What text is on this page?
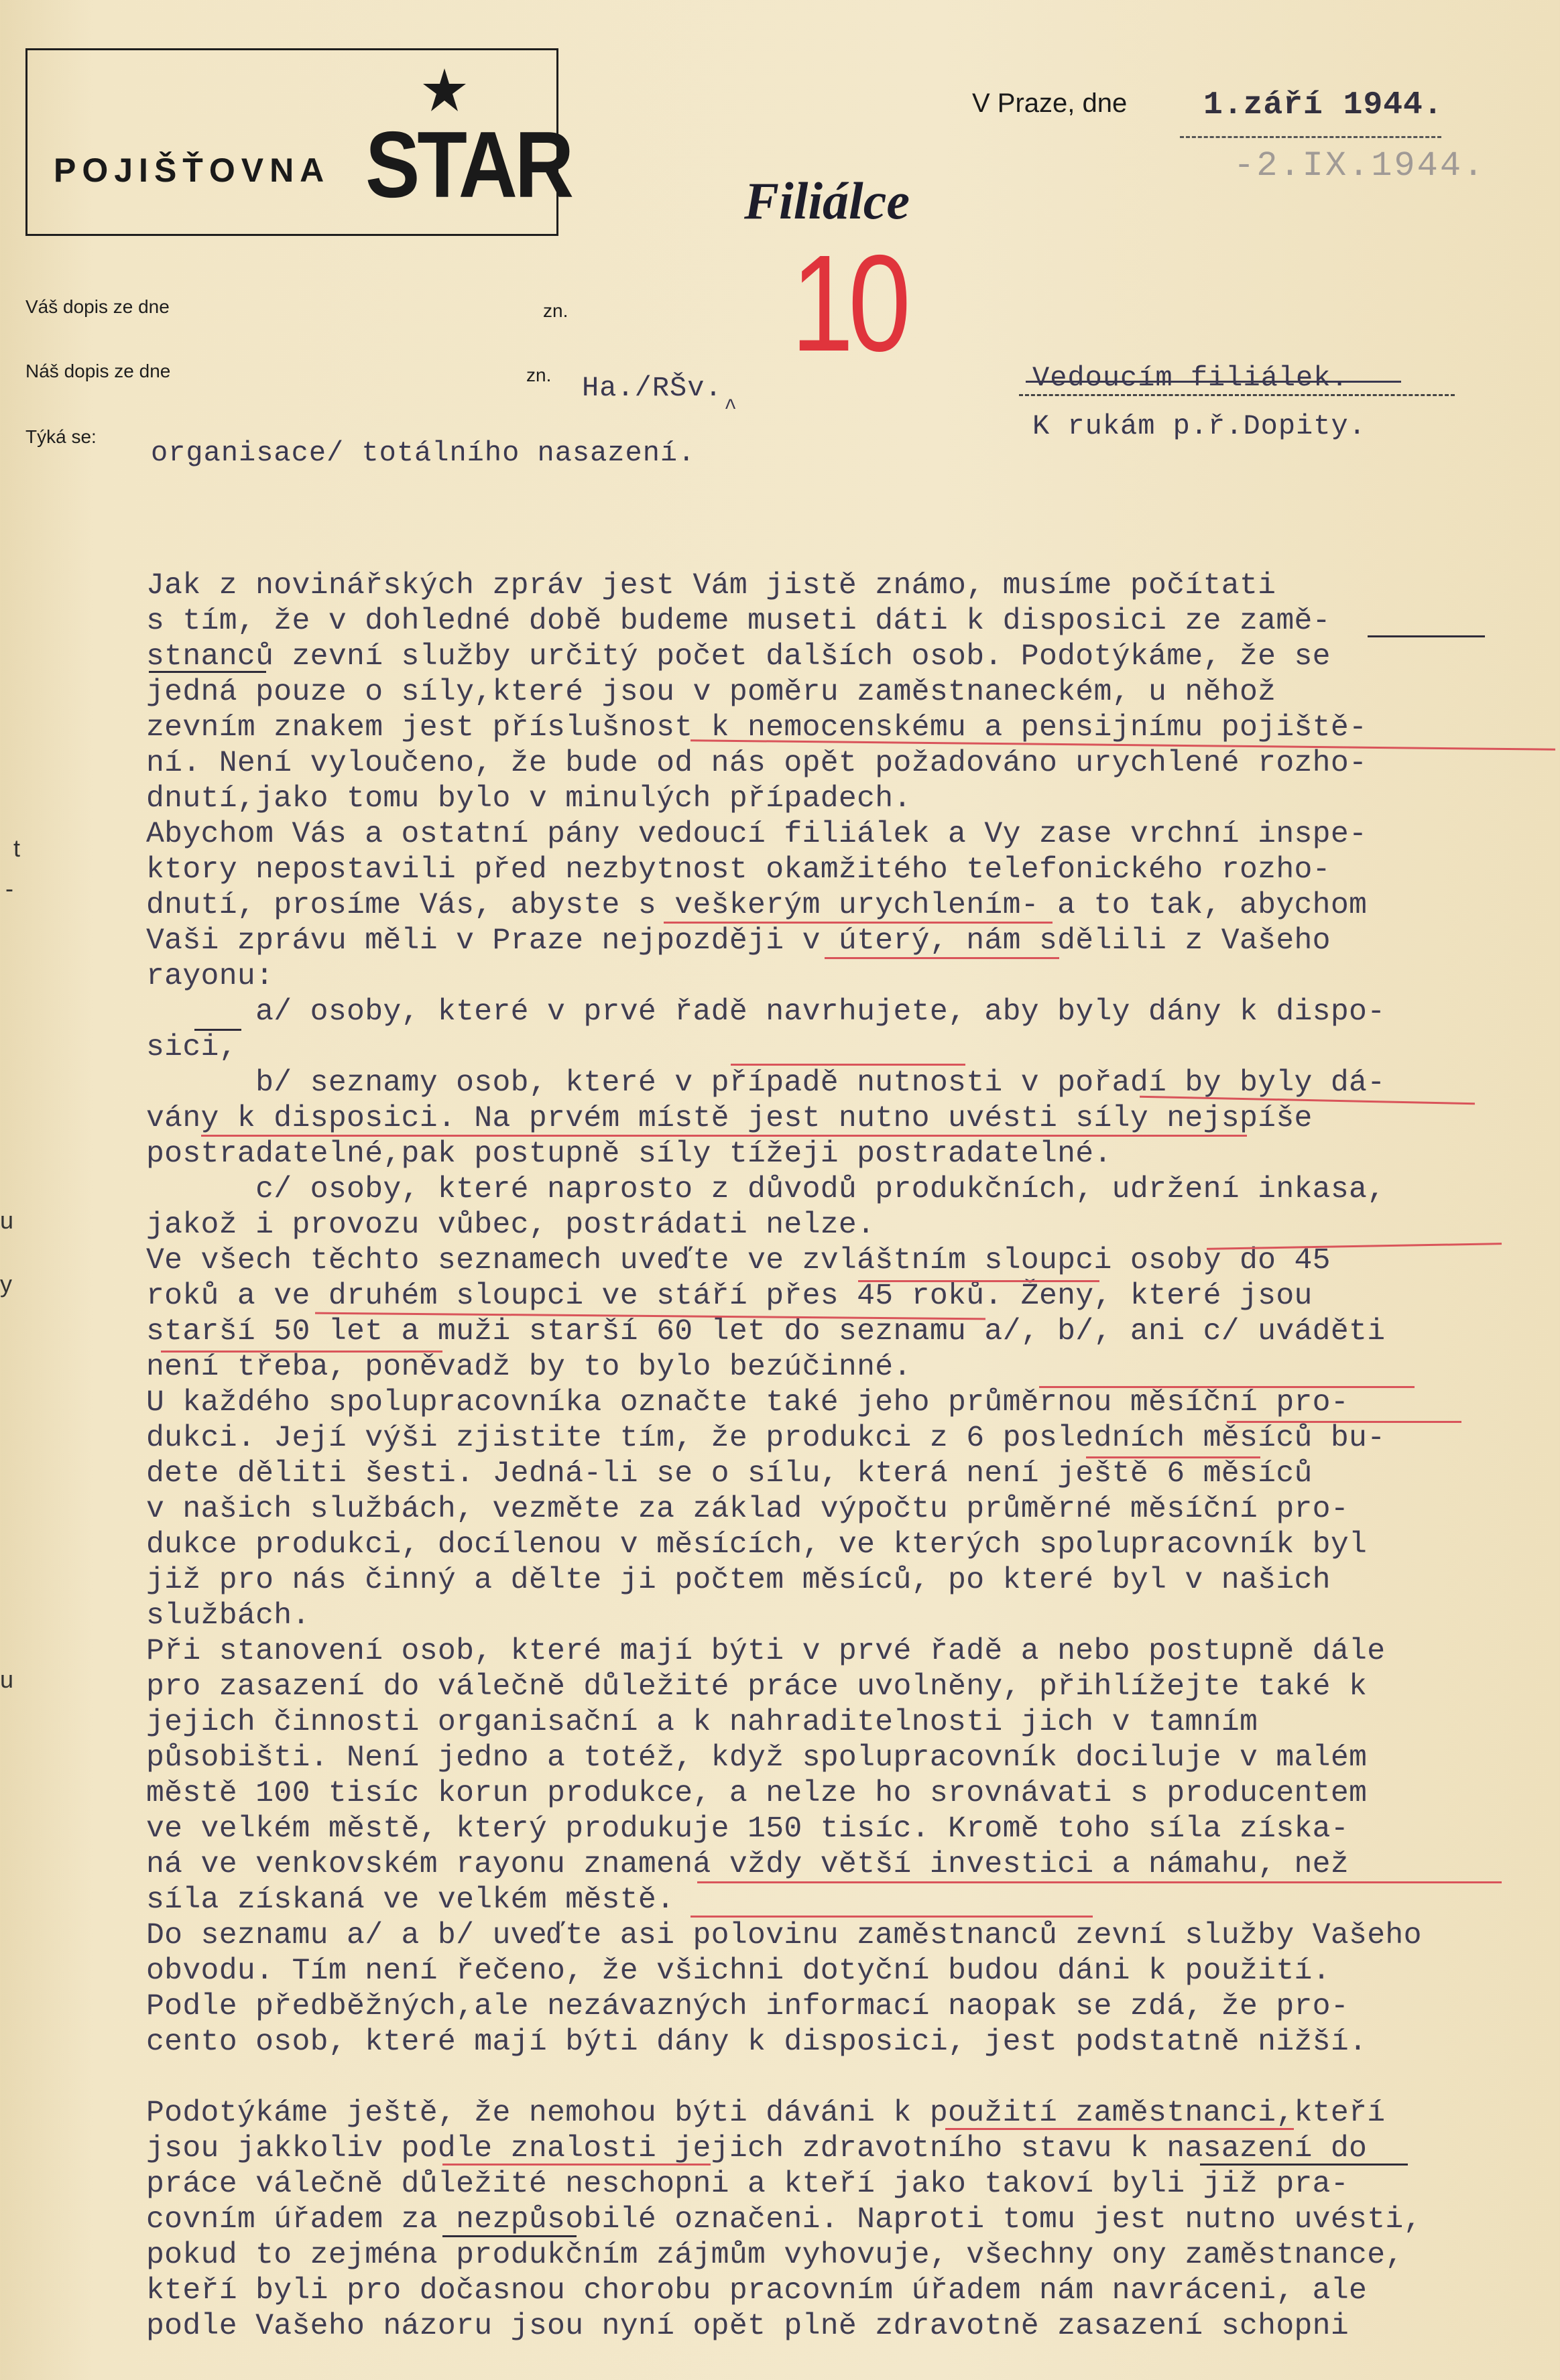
POJIŠŤOVNA STAR
V Praze, dne 1.září 1944.
-2.IX.1944.
Filiálce
10
Váš dopis ze dne	zn.
Náš dopis ze dne	zn. Ha./RŠv.
^
Týká se:
organisace/ totálního nasazení.
Vedoucím filiálek.
K rukám p.ř.Dopity.
t
-
u
y
u
Jak z novinářských zpráv jest Vám jistě známo, musíme počítati
s tím, že v dohledné době budeme museti dáti k disposici ze zamě-
stnanců zevní služby určitý počet dalších osob. Podotýkáme, že se
jedná pouze o síly,které jsou v poměru zaměstnaneckém, u něhož
zevním znakem jest příslušnost k nemocenskému a pensijnímu pojiště-
ní. Není vyloučeno, že bude od nás opět požadováno urychlené rozho-
dnutí,jako tomu bylo v minulých případech.
Abychom Vás a ostatní pány vedoucí filiálek a Vy zase vrchní inspe-
ktory nepostavili před nezbytnost okamžitého telefonického rozho-
dnutí, prosíme Vás, abyste s veškerým urychlením- a to tak, abychom
Vaši zprávu měli v Praze nejpozději v úterý, nám sdělili z Vašeho
rayonu:
a/ osoby, které v prvé řadě navrhujete, aby byly dány k dispo-
sici,
b/ seznamy osob, které v případě nutnosti v pořadí by byly dá-
vány k disposici. Na prvém místě jest nutno uvésti síly nejspíše
postradatelné,pak postupně síly tížeji postradatelné.
c/ osoby, které naprosto z důvodů produkčních, udržení inkasa,
jakož i provozu vůbec, postrádati nelze.
Ve všech těchto seznamech uveďte ve zvláštním sloupci osoby do 45
roků a ve druhém sloupci ve stáří přes 45 roků. Ženy, které jsou
starší 50 let a muži starší 60 let do seznamu a/, b/, ani c/ uváděti
není třeba, poněvadž by to bylo bezúčinné.
U každého spolupracovníka označte také jeho průměrnou měsíční pro-
dukci. Její výši zjistite tím, že produkci z 6 posledních měsíců bu-
dete děliti šesti. Jedná-li se o sílu, která není ještě 6 měsíců
v našich službách, vezměte za základ výpočtu průměrné měsíční pro-
dukce produkci, docílenou v měsících, ve kterých spolupracovník byl
již pro nás činný a dělte ji počtem měsíců, po které byl v našich
službách.
Při stanovení osob, které mají býti v prvé řadě a nebo postupně dále
pro zasazení do válečně důležité práce uvolněny, přihlížejte také k
jejich činnosti organisační a k nahraditelnosti jich v tamním
působišti. Není jedno a totéž, když spolupracovník dociluje v malém
městě 100 tisíc korun produkce, a nelze ho srovnávati s producentem
ve velkém městě, který produkuje 150 tisíc. Kromě toho síla získa-
ná ve venkovském rayonu znamená vždy větší investici a námahu, než
síla získaná ve velkém městě.
Do seznamu a/ a b/ uveďte asi polovinu zaměstnanců zevní služby Vašeho
obvodu. Tím není řečeno, že všichni dotyční budou dáni k použití.
Podle předběžných,ale nezávazných informací naopak se zdá, že pro-
cento osob, které mají býti dány k disposici, jest podstatně nižší.
Podotýkáme ještě, že nemohou býti dáváni k použití zaměstnanci,kteří
jsou jakkoliv podle znalosti jejich zdravotního stavu k nasazení do
práce válečně důležité neschopni a kteří jako takoví byli již pra-
covním úřadem za nezpůsobilé označeni. Naproti tomu jest nutno uvésti,
pokud to zejména produkčním zájmům vyhovuje, všechny ony zaměstnance,
kteří byli pro dočasnou chorobu pracovním úřadem nám navráceni, ale
podle Vašeho názoru jsou nyní opět plně zdravotně zasazení schopni
